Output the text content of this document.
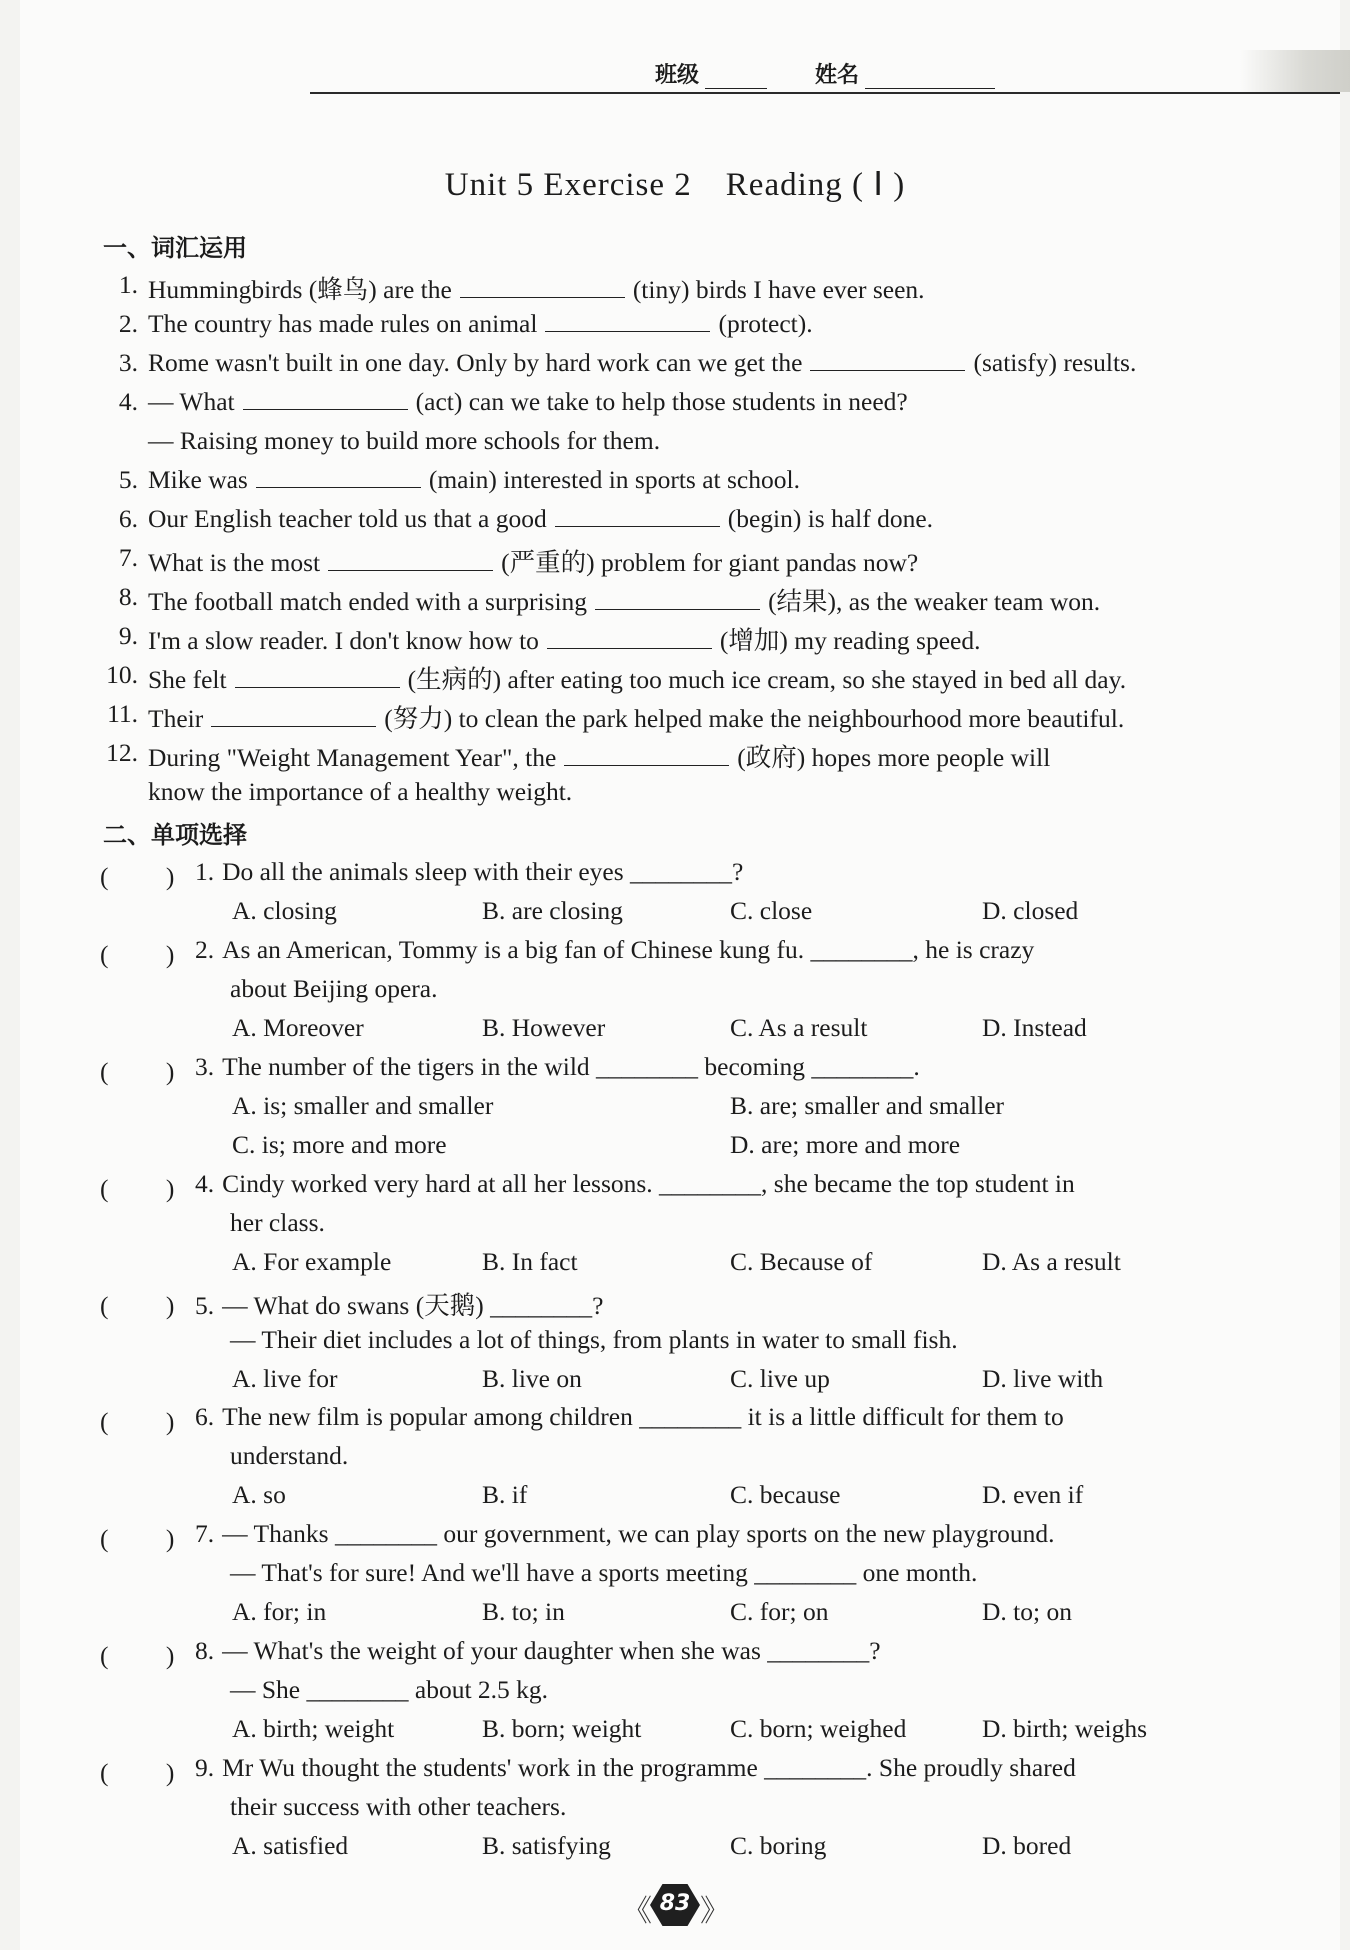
班级	姓名
Unit 5 Exercise 2　Reading ( Ⅰ )
一、词汇运用
1. Hummingbirds (蜂鸟) are the	(tiny) birds I have ever seen.
2. The country has made rules on animal	(protect).
3. Rome wasn't built in one day. Only by hard work can we get the	(satisfy) results.
4. — What	(act) can we take to help those students in need?
— Raising money to build more schools for them.
5. Mike was	(main) interested in sports at school.
6. Our English teacher told us that a good	(begin) is half done.
7. What is the most	(严重的) problem for giant pandas now?
8. The football match ended with a surprising	(结果), as the weaker team won.
9. I'm a slow reader. I don't know how to	(增加) my reading speed.
10. She felt	(生病的) after eating too much ice cream, so she stayed in bed all day.
11. Their	(努力) to clean the park helped make the neighbourhood more beautiful.
12. During "Weight Management Year", the	(政府) hopes more people will
know the importance of a healthy weight.
二、单项选择
(　 　) 1. Do all the animals sleep with their eyes ________?
A. closing	B. are closing	C. close	D. closed
(　 　) 2. As an American, Tommy is a big fan of Chinese kung fu. ________, he is crazy
about Beijing opera.
A. Moreover	B. However	C. As a result	D. Instead
(　 　) 3. The number of the tigers in the wild ________ becoming ________.
A. is; smaller and smaller	B. are; smaller and smaller
C. is; more and more	D. are; more and more
(　 　) 4. Cindy worked very hard at all her lessons. ________, she became the top student in
her class.
A. For example	B. In fact	C. Because of	D. As a result
(　 　) 5. — What do swans (天鹅) ________?
— Their diet includes a lot of things, from plants in water to small fish.
A. live for	B. live on	C. live up	D. live with
(　 　) 6. The new film is popular among children ________ it is a little difficult for them to
understand.
A. so	B. if	C. because	D. even if
(　 　) 7. — Thanks ________ our government, we can play sports on the new playground.
— That's for sure! And we'll have a sports meeting ________ one month.
A. for; in	B. to; in	C. for; on	D. to; on
(　 　) 8. — What's the weight of your daughter when she was ________?
— She ________ about 2.5 kg.
A. birth; weight	B. born; weight	C. born; weighed	D. birth; weighs
(　 　) 9. Mr Wu thought the students' work in the programme ________. She proudly shared
their success with other teachers.
A. satisfied	B. satisfying	C. boring	D. bored
《 83 》
